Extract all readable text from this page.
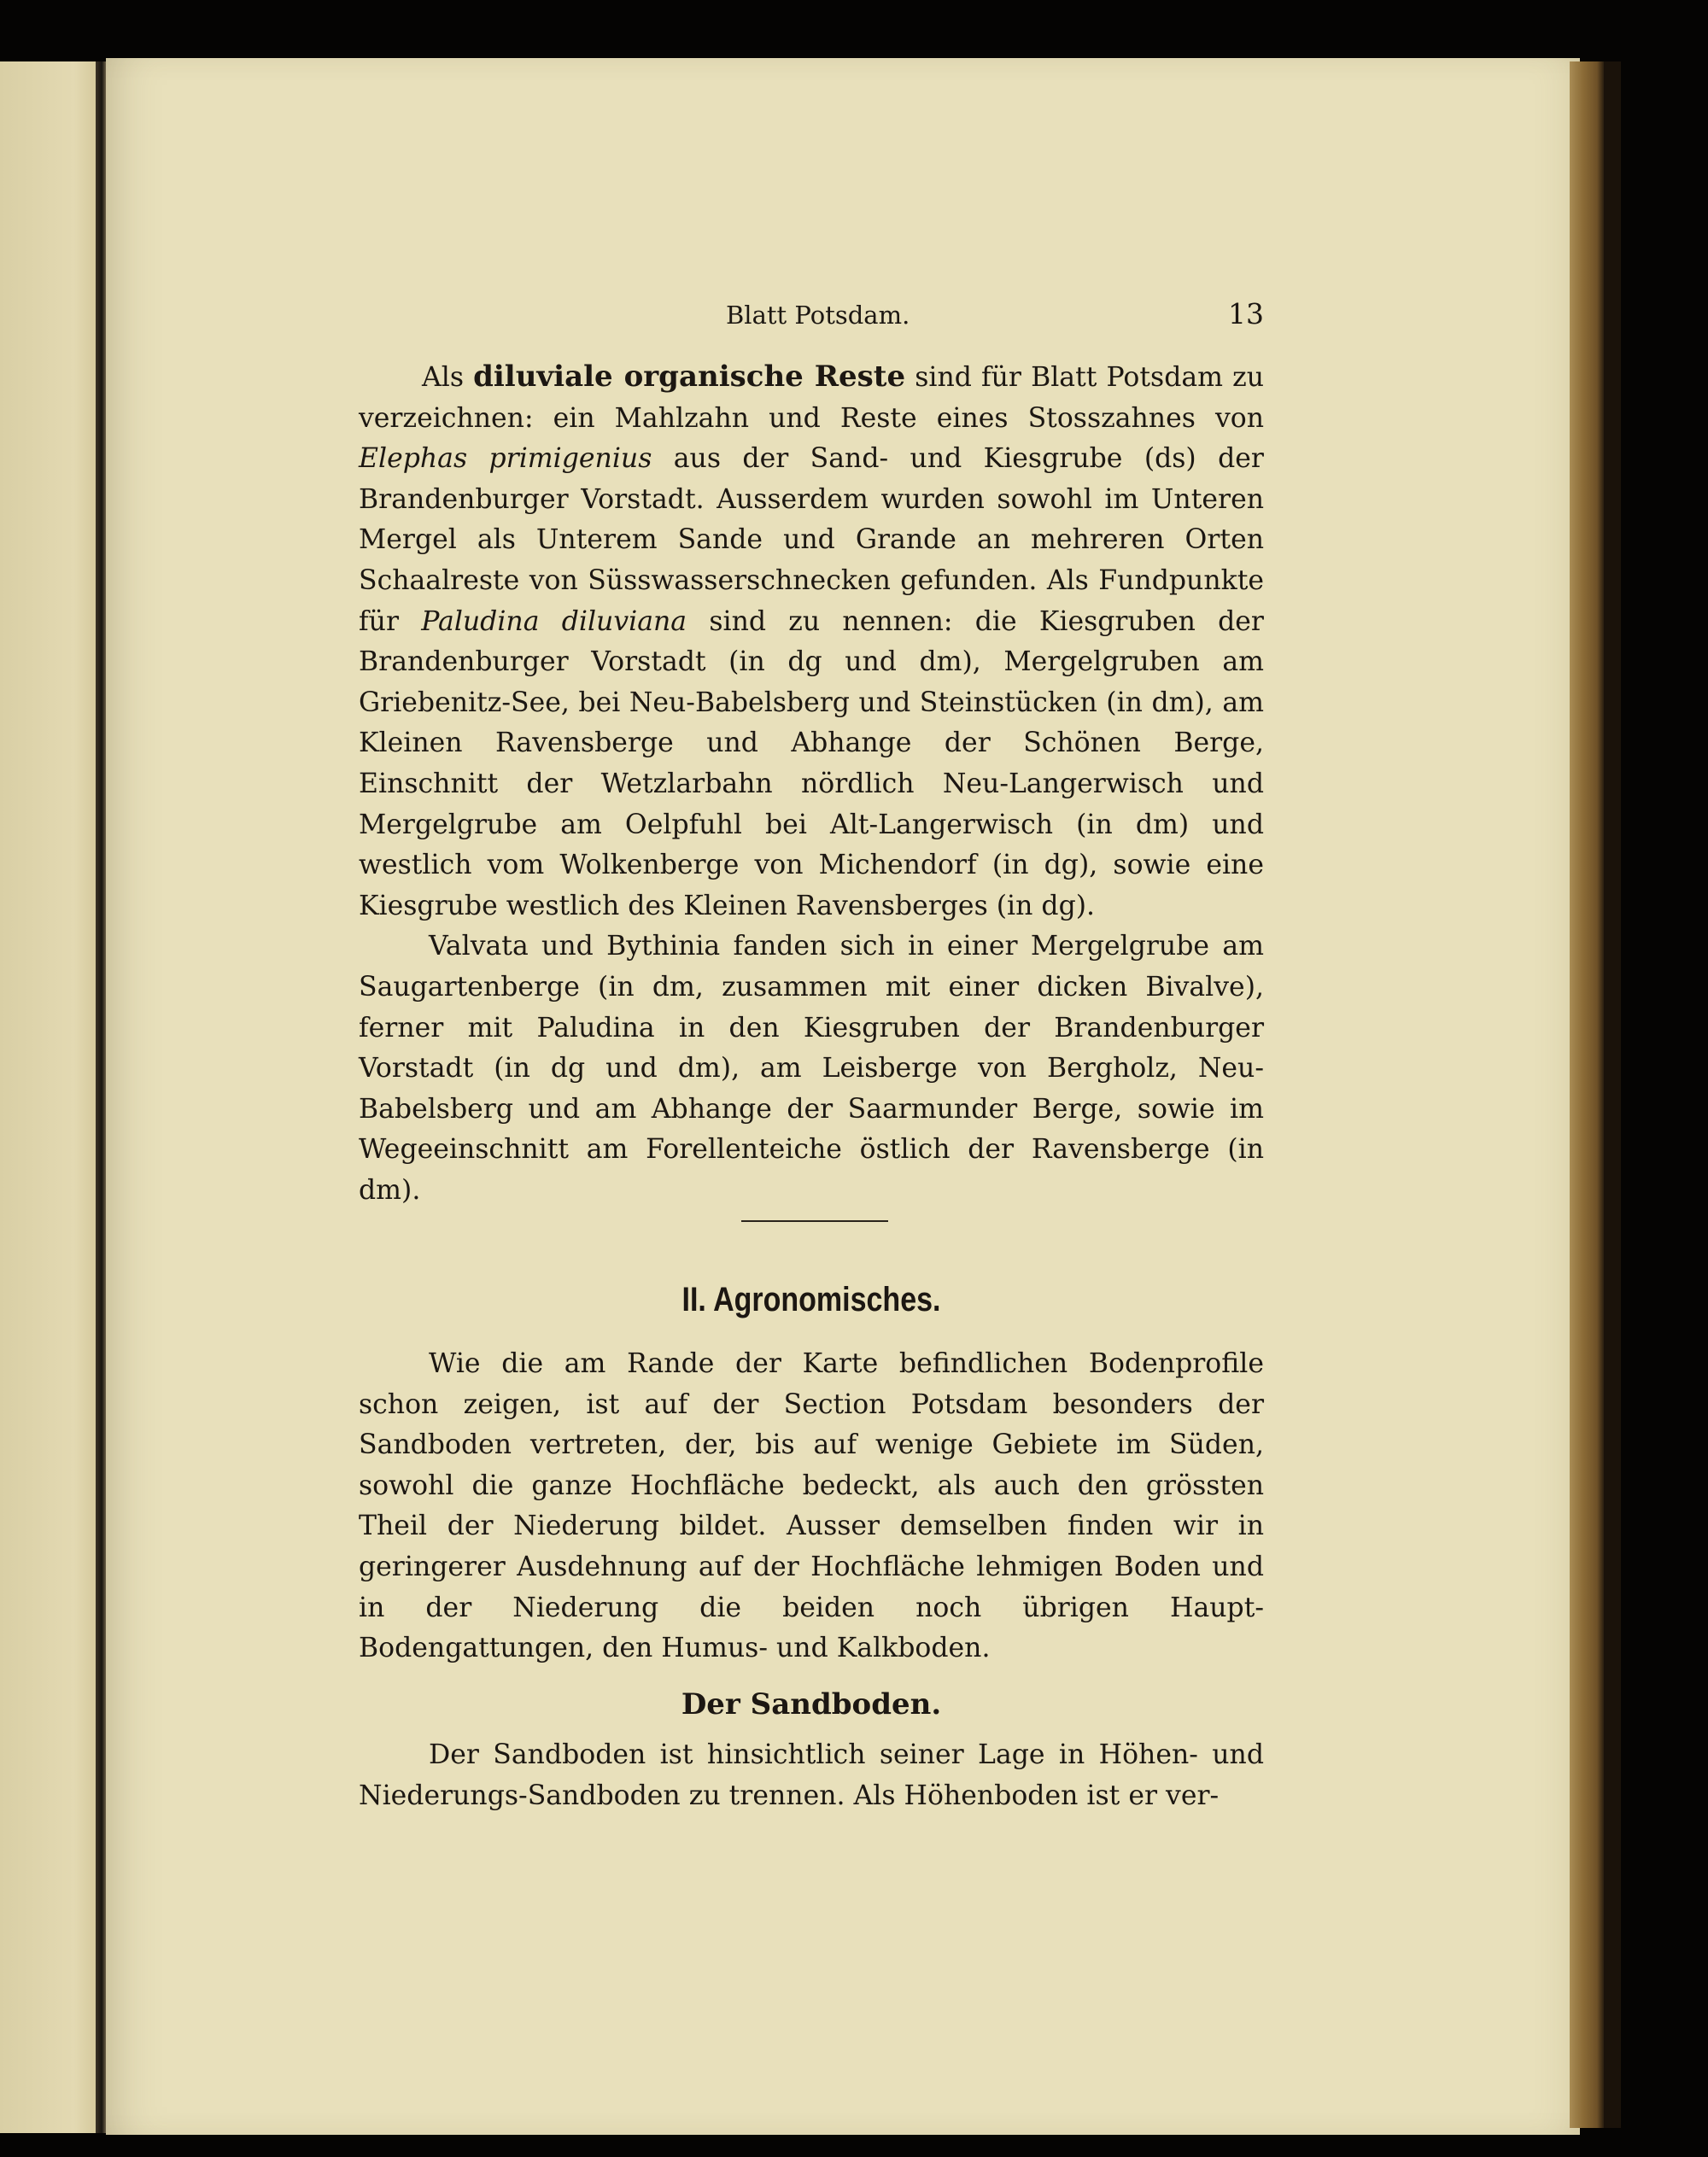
Blatt Potsdam.	13

Als diluviale organische Reste sind für Blatt Potsdam zu verzeichnen: ein Mahlzahn und Reste eines Stosszahnes von Elephas primigenius aus der Sand- und Kiesgrube (ds) der Brandenburger Vorstadt. Ausserdem wurden sowohl im Unteren Mergel als Unterem Sande und Grande an mehreren Orten Schaalreste von Süsswasserschnecken gefunden. Als Fundpunkte für Paludina diluviana sind zu nennen: die Kiesgruben der Brandenburger Vorstadt (in dg und dm), Mergelgruben am Griebenitz-See, bei Neu-Babelsberg und Steinstücken (in dm), am Kleinen Ravensberge und Abhange der Schönen Berge, Einschnitt der Wetzlarbahn nördlich Neu-Langerwisch und Mergelgrube am Oelpfuhl bei Alt-Langerwisch (in dm) und westlich vom Wolkenberge von Michendorf (in dg), sowie eine Kiesgrube westlich des Kleinen Ravensberges (in dg).

Valvata und Bythinia fanden sich in einer Mergelgrube am Saugartenberge (in dm, zusammen mit einer dicken Bivalve), ferner mit Paludina in den Kiesgruben der Brandenburger Vorstadt (in dg und dm), am Leisberge von Bergholz, Neu-Babelsberg und am Abhange der Saarmunder Berge, sowie im Wegeeinschnitt am Forellenteiche östlich der Ravensberge (in dm).

II. Agronomisches.

Wie die am Rande der Karte befindlichen Bodenprofile schon zeigen, ist auf der Section Potsdam besonders der Sandboden vertreten, der, bis auf wenige Gebiete im Süden, sowohl die ganze Hochfläche bedeckt, als auch den grössten Theil der Niederung bildet. Ausser demselben finden wir in geringerer Ausdehnung auf der Hochfläche lehmigen Boden und in der Niederung die beiden noch übrigen Haupt-Bodengattungen, den Humus- und Kalkboden.

Der Sandboden.

Der Sandboden ist hinsichtlich seiner Lage in Höhen- und Niederungs-Sandboden zu trennen. Als Höhenboden ist er ver-
